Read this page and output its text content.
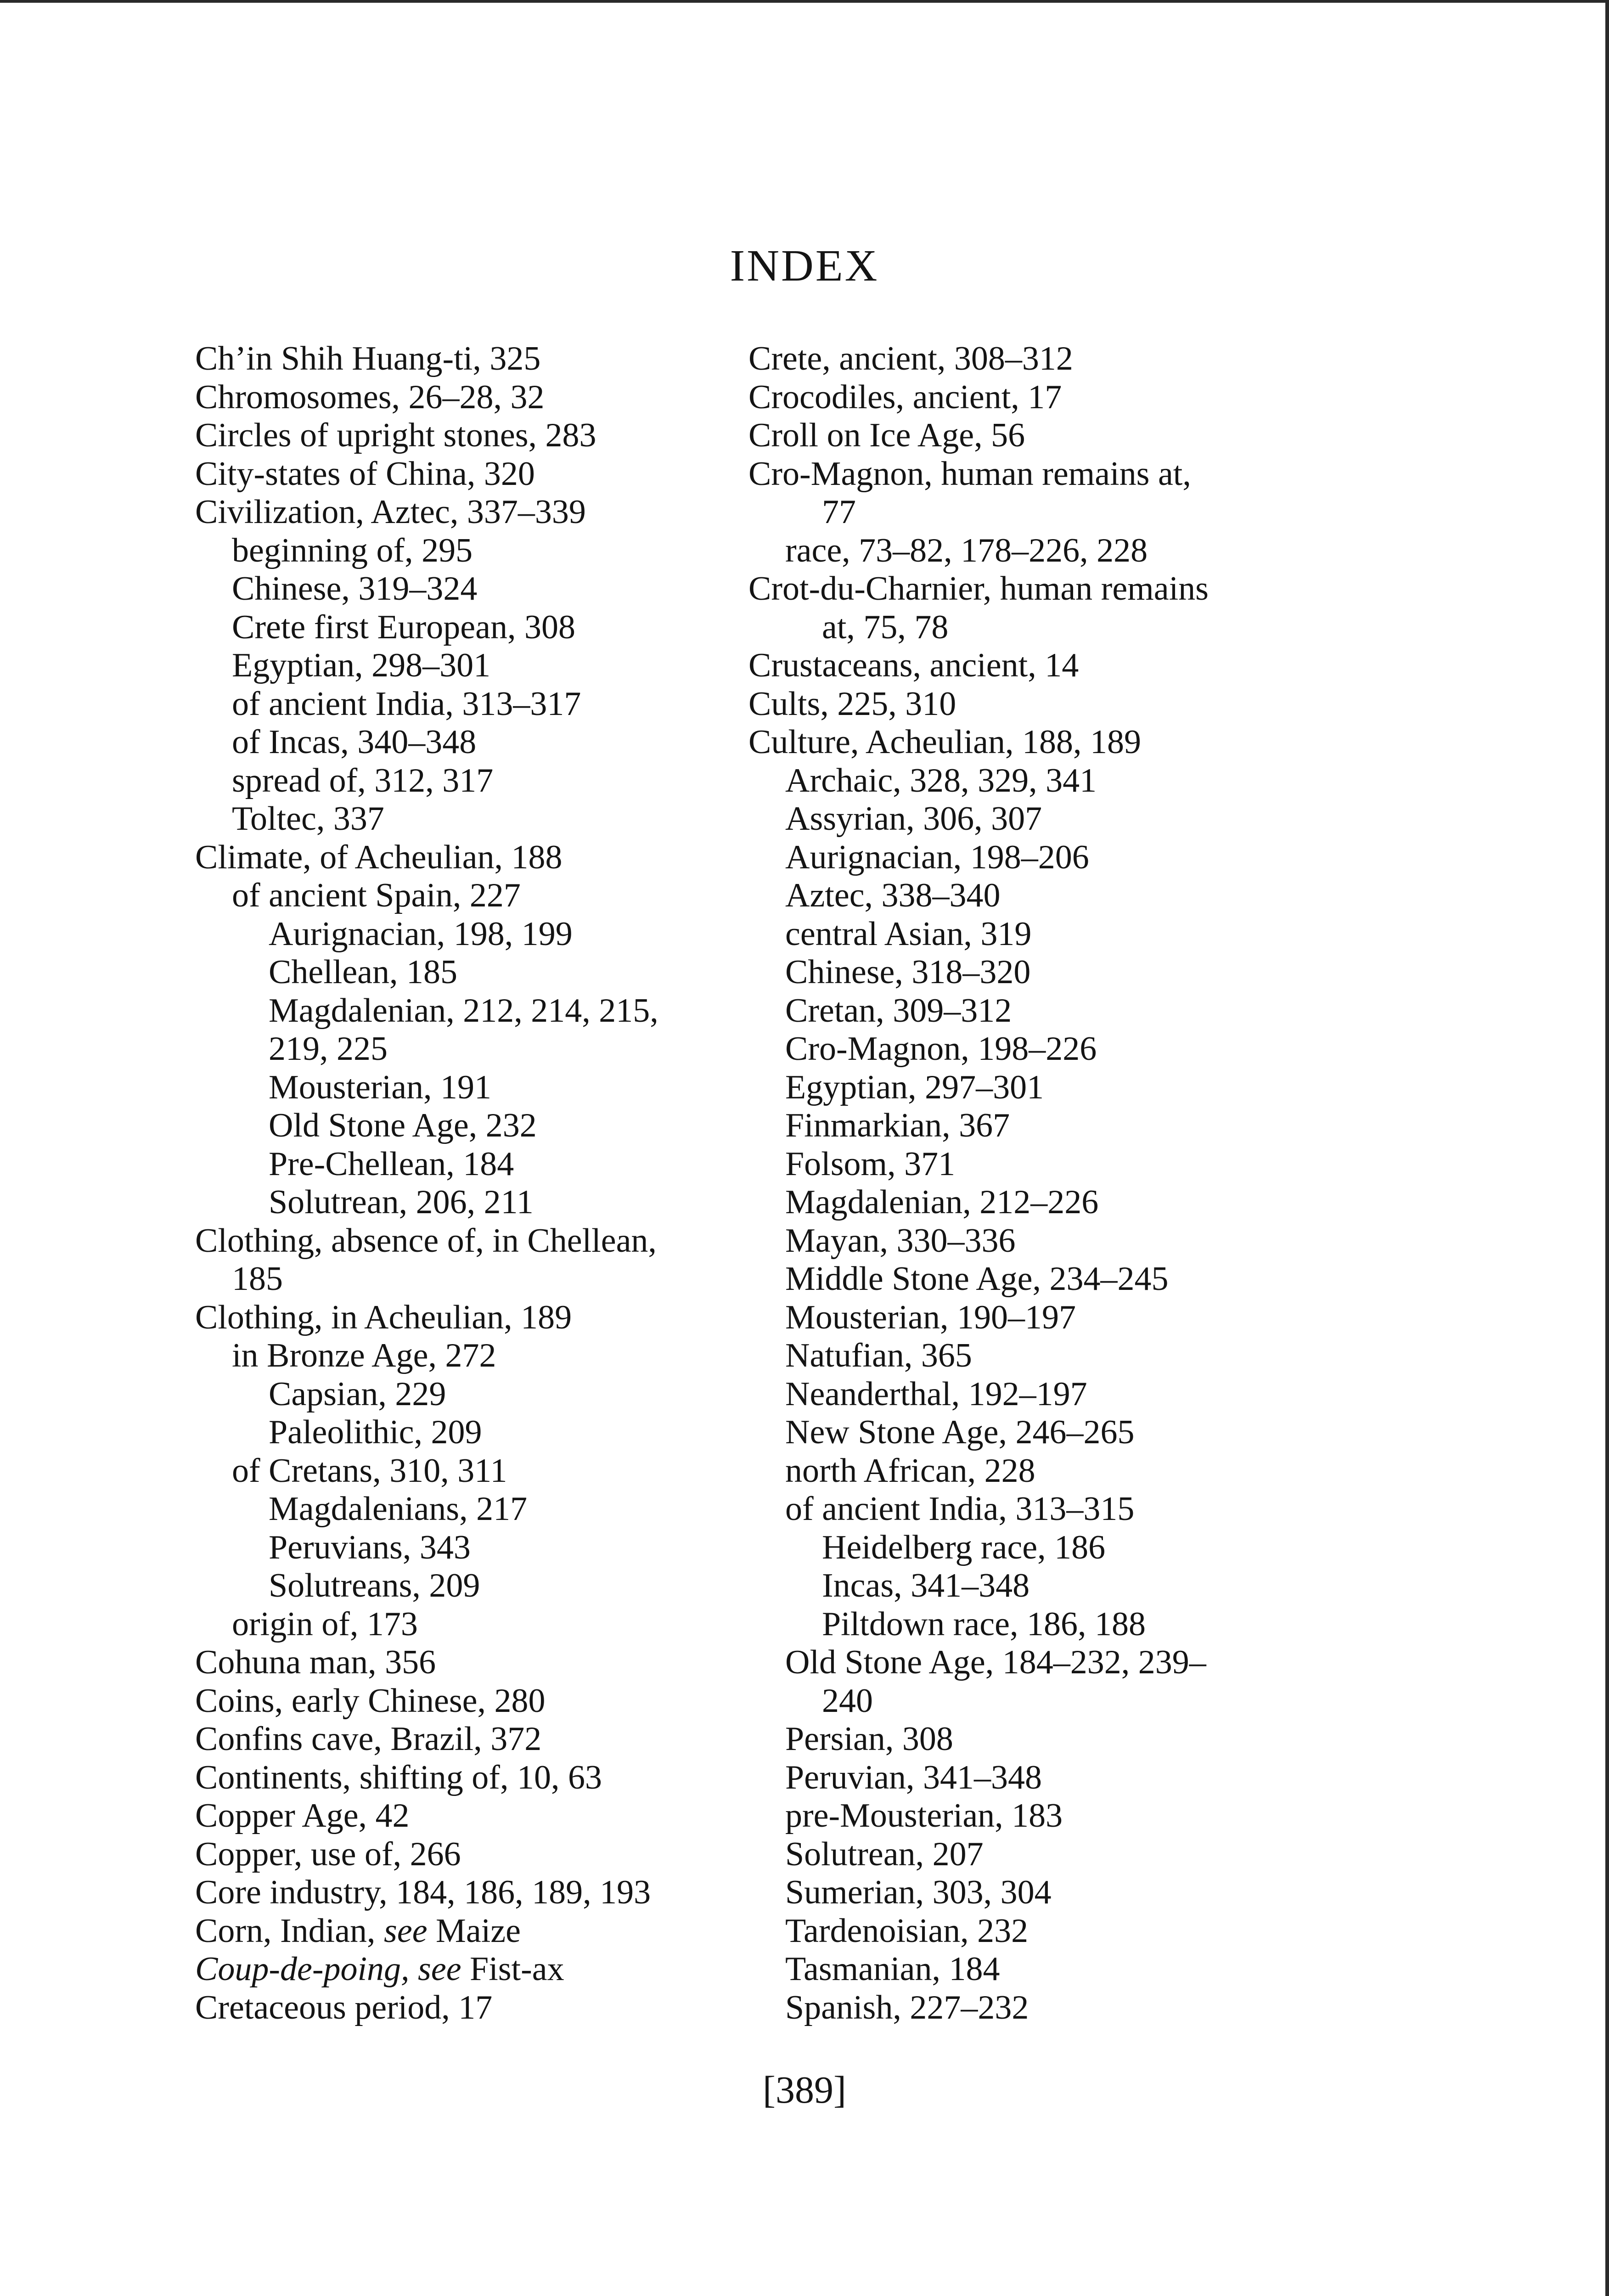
INDEX
Ch’in Shih Huang-ti, 325
Chromosomes, 26–28, 32
Circles of upright stones, 283
City-states of China, 320
Civilization, Aztec, 337–339
beginning of, 295
Chinese, 319–324
Crete first European, 308
Egyptian, 298–301
of ancient India, 313–317
of Incas, 340–348
spread of, 312, 317
Toltec, 337
Climate, of Acheulian, 188
of ancient Spain, 227
Aurignacian, 198, 199
Chellean, 185
Magdalenian, 212, 214, 215,
219, 225
Mousterian, 191
Old Stone Age, 232
Pre-Chellean, 184
Solutrean, 206, 211
Clothing, absence of, in Chellean,
185
Clothing, in Acheulian, 189
in Bronze Age, 272
Capsian, 229
Paleolithic, 209
of Cretans, 310, 311
Magdalenians, 217
Peruvians, 343
Solutreans, 209
origin of, 173
Cohuna man, 356
Coins, early Chinese, 280
Confins cave, Brazil, 372
Continents, shifting of, 10, 63
Copper Age, 42
Copper, use of, 266
Core industry, 184, 186, 189, 193
Corn, Indian, see Maize
Coup-de-poing, see Fist-ax
Cretaceous period, 17
Crete, ancient, 308–312
Crocodiles, ancient, 17
Croll on Ice Age, 56
Cro-Magnon, human remains at,
77
race, 73–82, 178–226, 228
Crot-du-Charnier, human remains
at, 75, 78
Crustaceans, ancient, 14
Cults, 225, 310
Culture, Acheulian, 188, 189
Archaic, 328, 329, 341
Assyrian, 306, 307
Aurignacian, 198–206
Aztec, 338–340
central Asian, 319
Chinese, 318–320
Cretan, 309–312
Cro-Magnon, 198–226
Egyptian, 297–301
Finmarkian, 367
Folsom, 371
Magdalenian, 212–226
Mayan, 330–336
Middle Stone Age, 234–245
Mousterian, 190–197
Natufian, 365
Neanderthal, 192–197
New Stone Age, 246–265
north African, 228
of ancient India, 313–315
Heidelberg race, 186
Incas, 341–348
Piltdown race, 186, 188
Old Stone Age, 184–232, 239–
240
Persian, 308
Peruvian, 341–348
pre-Mousterian, 183
Solutrean, 207
Sumerian, 303, 304
Tardenoisian, 232
Tasmanian, 184
Spanish, 227–232
[389]
